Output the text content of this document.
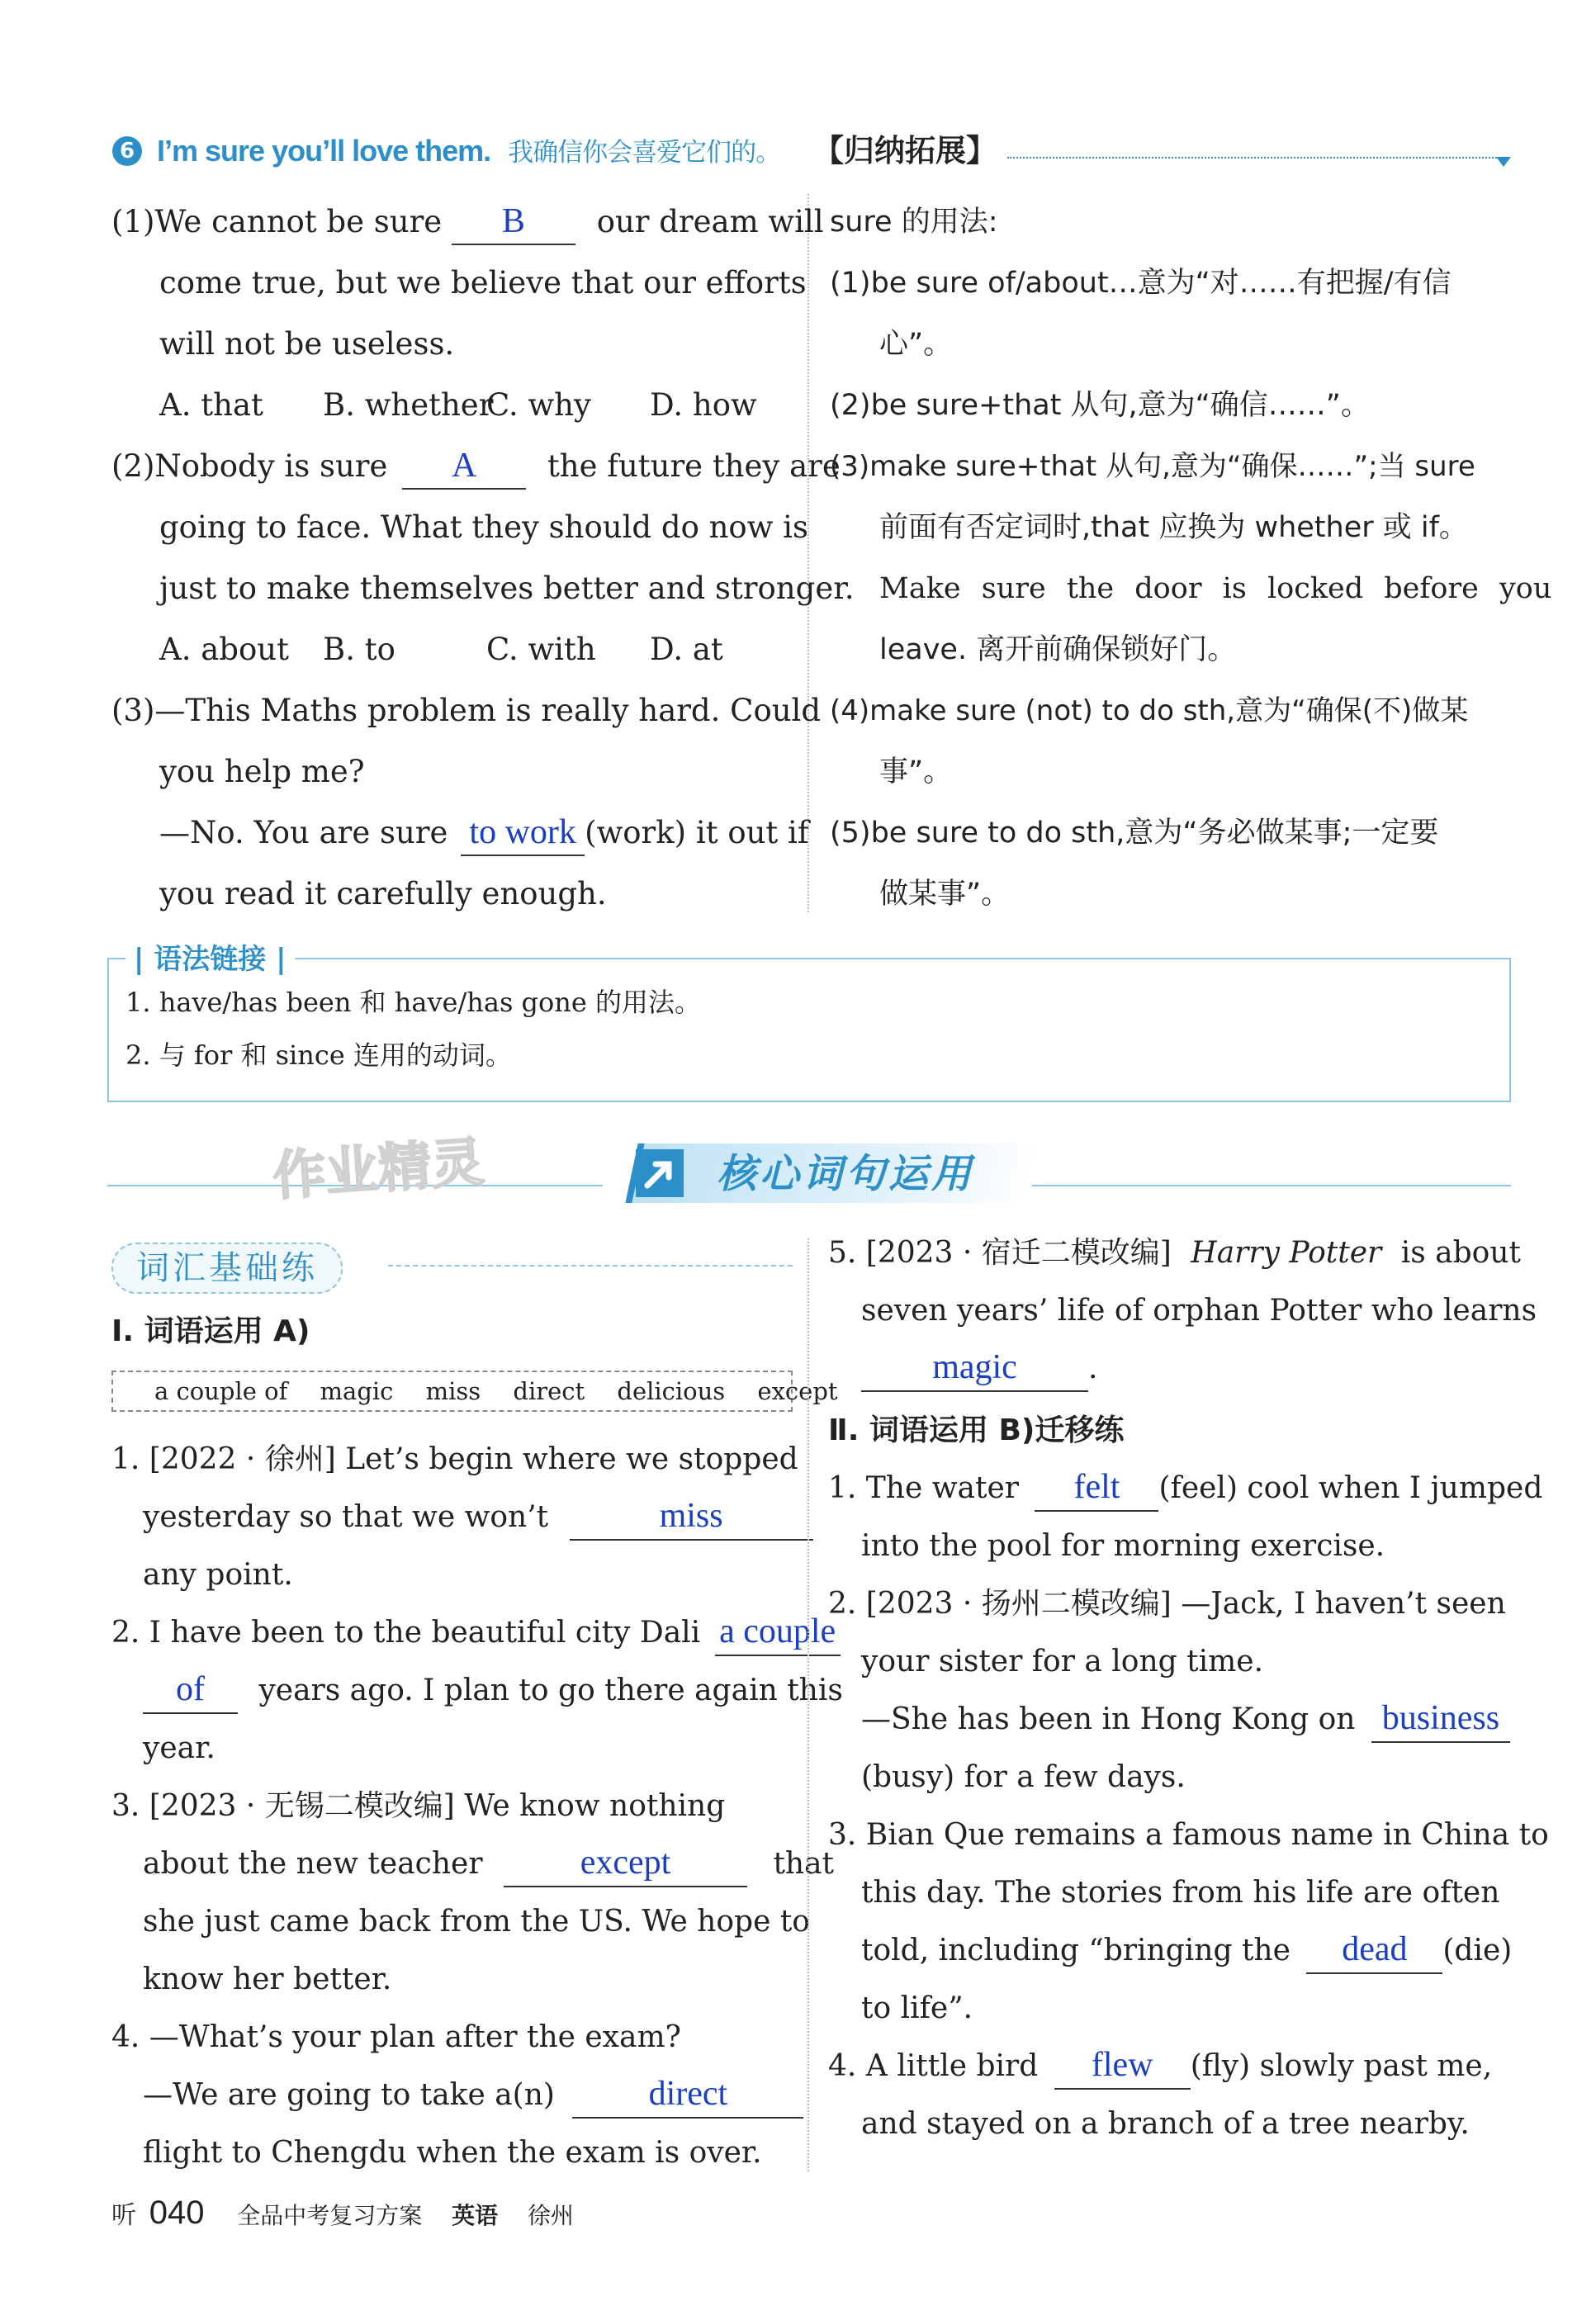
6 I’m sure you’ll love them. 我确信你会喜爱它们的。 【归纳拓展】
(1)We cannot be sure B our dream will
come true, but we believe that our efforts
will not be useless.
A. that B. whetherC. why D. how
(2)Nobody is sure A the future they are
going to face. What they should do now is
just to make themselves better and stronger.
A. about B. to	C. with D. at
(3)—This Maths problem is really hard. Could
you help me?
—No. You are sure to work (work) it out if
you read it carefully enough.
sure 的用法:
(1)be sure of/about…意为“对……有把握/有信
心”。
(2)be sure+that 从句,意为“确信……”。
(3)make sure+that 从句,意为“确保……”;当 sure
前面有否定词时,that 应换为 whether 或 if。
Make sure the door is locked before you
leave. 离开前确保锁好门。
(4)make sure (not) to do sth,意为“确保(不)做某
事”。
(5)be sure to do sth,意为“务必做某事;一定要
做某事”。
| 语法链接 |
1. have/has been 和 have/has gone 的用法。
2. 与 for 和 since 连用的动词。
作业精灵	核心词句运用
词汇基础练
Ⅰ. 词语运用 A)
a couple of magic miss direct delicious except
1. [2022 · 徐州] Let’s begin where we stopped
yesterday so that we won’t	miss
any point.
2. I have been to the beautiful city Dali a couple
of years ago. I plan to go there again this
year.
3. [2023 · 无锡二模改编] We know nothing
about the new teacher	except	that
she just came back from the US. We hope to
know her better.
4. —What’s your plan after the exam?
—We are going to take a(n)	direct
flight to Chengdu when the exam is over.
5. [2023 · 宿迁二模改编] Harry Potter is about
seven years’ life of orphan Potter who learns
magic .
Ⅱ. 词语运用 B)迁移练
1. The water felt (feel) cool when I jumped
into the pool for morning exercise.
2. [2023 · 扬州二模改编] —Jack, I haven’t seen
your sister for a long time.
—She has been in Hong Kong on business
(busy) for a few days.
3. Bian Que remains a famous name in China to
this day. The stories from his life are often
told, including “bringing the dead (die)
to life”.
4. A little bird flew (fly) slowly past me,
and stayed on a branch of a tree nearby.
听 040 全品中考复习方案 英语 徐州
